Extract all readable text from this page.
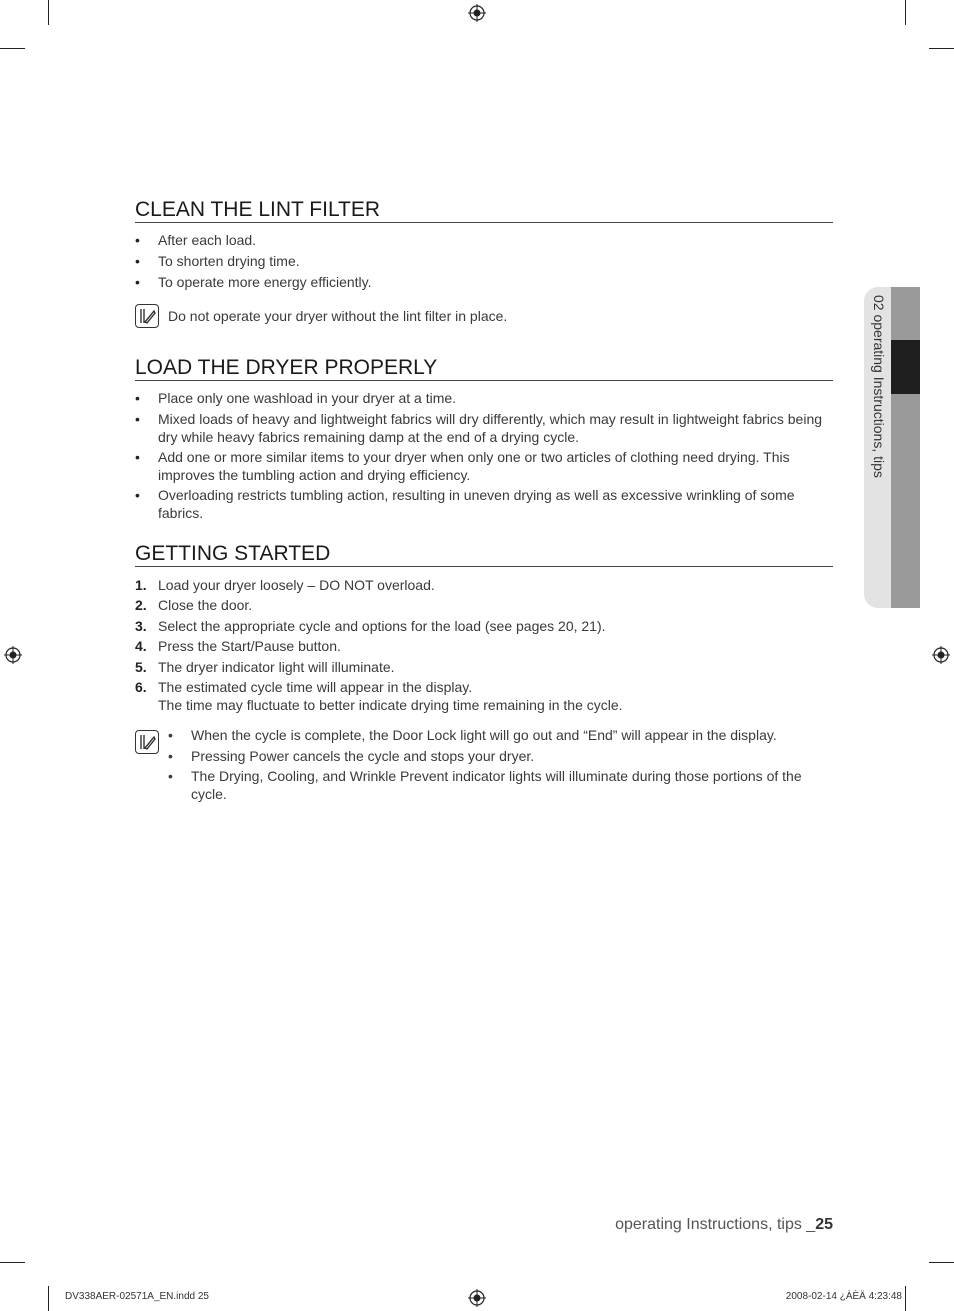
02 operating Instructions, tips
CLEAN THE LINT FILTER
• After each load.
• To shorten drying time.
• To operate more energy efficiently.
Do not operate your dryer without the lint filter in place.
LOAD THE DRYER PROPERLY
• Place only one washload in your dryer at a time.
• Mixed loads of heavy and lightweight fabrics will dry differently, which may result in lightweight fabrics being dry while heavy fabrics remaining damp at the end of a drying cycle.
• Add one or more similar items to your dryer when only one or two articles of clothing need drying. This improves the tumbling action and drying efficiency.
• Overloading restricts tumbling action, resulting in uneven drying as well as excessive wrinkling of some fabrics.
GETTING STARTED
1. Load your dryer loosely – DO NOT overload.
2. Close the door.
3. Select the appropriate cycle and options for the load (see pages 20, 21).
4. Press the Start/Pause button.
5. The dryer indicator light will illuminate.
6. The estimated cycle time will appear in the display.
The time may fluctuate to better indicate drying time remaining in the cycle.
• When the cycle is complete, the Door Lock light will go out and “End” will appear in the display.
• Pressing Power cancels the cycle and stops your dryer.
• The Drying, Cooling, and Wrinkle Prevent indicator lights will illuminate during those portions of the cycle.
operating Instructions, tips _25
DV338AER-02571A_EN.indd 25	2008-02-14 ¿ÀÈÄ 4:23:48
